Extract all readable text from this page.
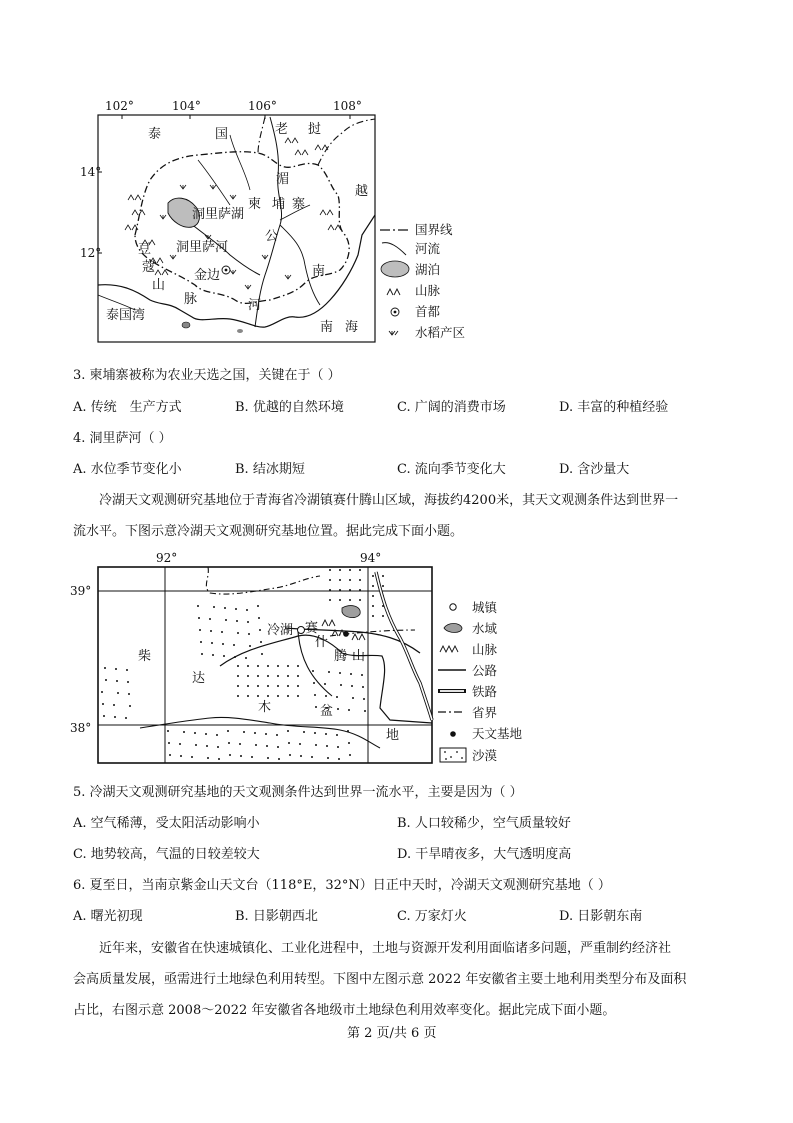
102°	104°	106°	108°
14°
12°
泰	国	老 挝
湄
越
柬 埔 寨
洞里萨湖
公
豆 洞里萨河
南
蔻
金边
山
脉	河
泰国湾
南 海
国界线
河流
湖泊
山脉
首都
水稻产区
3. 柬埔寨被称为农业天选之国，关键在于（ ）
A. 传统　生产方式	B. 优越的自然环境	C. 广阔的消费市场	D. 丰富的种植经验
4. 洞里萨河（ ）
A. 水位季节变化小	B. 结冰期短	C. 流向季节变化大	D. 含沙量大
冷湖天文观测研究基地位于青海省冷湖镇赛什腾山区域，海拔约4200米，其天文观测条件达到世界一
流水平。下图示意冷湖天文观测研究基地位置。据此完成下面小题。
92°	94°
39°
38°
冷湖 赛
什
腾 山
柴
达
木	盆
地
城镇
水域
山脉
公路
铁路
省界
天文基地
沙漠
5. 冷湖天文观测研究基地的天文观测条件达到世界一流水平，主要是因为（ ）
A. 空气稀薄，受太阳活动影响小	B. 人口较稀少，空气质量较好
C. 地势较高，气温的日较差较大	D. 干旱晴夜多，大气透明度高
6. 夏至日，当南京紫金山天文台（118°E，32°N）日正中天时，冷湖天文观测研究基地（ ）
A. 曙光初现	B. 日影朝西北	C. 万家灯火	D. 日影朝东南
近年来，安徽省在快速城镇化、工业化进程中，土地与资源开发利用面临诸多问题，严重制约经济社
会高质量发展，亟需进行土地绿色利用转型。下图中左图示意 2022 年安徽省主要土地利用类型分布及面积
占比，右图示意 2008～2022 年安徽省各地级市土地绿色利用效率变化。据此完成下面小题。
第 2 页/共 6 页
